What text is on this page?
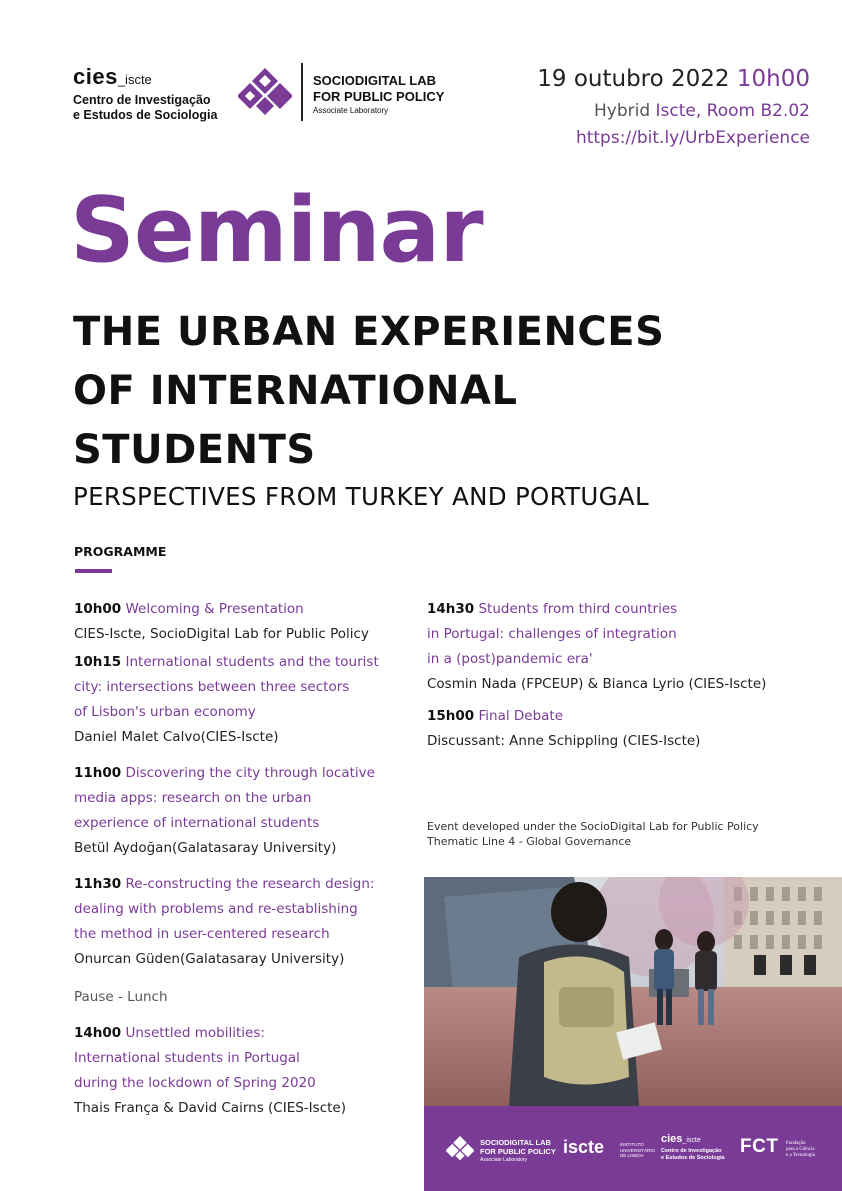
cies_iscte
Centro de Investigação
e Estudos de Sociologia
SOCIODIGITAL LAB
FOR PUBLIC POLICY
Associate Laboratory
19 outubro 2022 10h00
Hybrid Iscte, Room B2.02
https://bit.ly/UrbExperience
Seminar
THE URBAN EXPERIENCES
OF INTERNATIONAL
STUDENTS
PERSPECTIVES FROM TURKEY AND PORTUGAL
PROGRAMME
10h00 Welcoming & Presentation
CIES-Iscte, SocioDigital Lab for Public Policy
10h15 International students and the tourist
city: intersections between three sectors
of Lisbon's urban economy
Daniel Malet Calvo(CIES-Iscte)
11h00 Discovering the city through locative
media apps: research on the urban
experience of international students
Betül Aydoğan(Galatasaray University)
11h30 Re-constructing the research design:
dealing with problems and re-establishing
the method in user-centered research
Onurcan Güden(Galatasaray University)
Pause - Lunch
14h00 Unsettled mobilities:
International students in Portugal
during the lockdown of Spring 2020
Thais França & David Cairns (CIES-Iscte)
14h30 Students from third countries
in Portugal: challenges of integration
in a (post)pandemic era'
Cosmin Nada (FPCEUP) & Bianca Lyrio (CIES-Iscte)
15h00 Final Debate
Discussant: Anne Schippling (CIES-Iscte)
Event developed under the SocioDigital Lab for Public Policy
Thematic Line 4 - Global Governance
SOCIODIGITAL LAB
FOR PUBLIC POLICY
Associate Laboratory
iscte	INSTITUTO
UNIVERSITÁRIO
DE LISBOA
cies_iscte
Centro de Investigação
e Estudos de Sociologia
FCT Fundação
para a Ciência
e a Tecnologia
